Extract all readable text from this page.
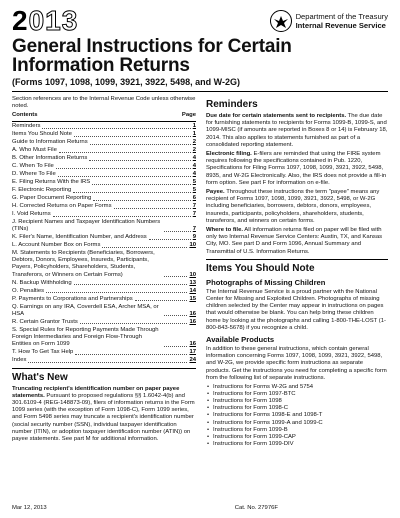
2013	Department of the Treasury
Internal Revenue Service
General Instructions for Certain Information Returns
(Forms 1097, 1098, 1099, 3921, 3922, 5498, and W-2G)

Section references are to the Internal Revenue Code unless otherwise noted.

Contents	Page
Reminders	1
Items You Should Note	1
Guide to Information Returns	2
A. Who Must File	2
B. Other Information Returns	4
C. When To File	4
D. Where To File	4
E. Filing Returns With the IRS	5
F. Electronic Reporting	5
G. Paper Document Reporting	6
H. Corrected Returns on Paper Forms	7
I. Void Returns	7
J. Recipient Names and Taxpayer Identification Numbers (TINs)	7
K. Filer's Name, Identification Number, and Address	9
L. Account Number Box on Forms	10
M. Statements to Recipients (Beneficiaries, Borrowers, Debtors, Donors, Employees, Insureds, Participants, Payers, Policyholders, Shareholders, Students, Transferors, or Winners on Certain Forms)	10
N. Backup Withholding	13
O. Penalties	14
P. Payments to Corporations and Partnerships	15
Q. Earnings on any IRA, Coverdell ESA, Archer MSA, or HSA	16
R. Certain Grantor Trusts	16
S. Special Rules for Reporting Payments Made Through Foreign Intermediaries and Foreign Flow-Through Entities on Form 1099	16
T. How To Get Tax Help	17
Index	24
What's New

Truncating recipient's identification number on paper payee statements. Pursuant to proposed regulations §§ 1.6042-4(b) and 301.6109-4 (REG-148873-09), filers of information returns in the Form 1099 series (with the exception of Form 1098-C), Form 1099 series, and Form 5498 series may truncate a recipient's identification number (social security number (SSN), individual taxpayer identification number (ITIN), or adoption taxpayer identification number (ATIN)) on payee statements. See part M for additional information.

Reminders

Due date for certain statements sent to recipients. The due date for furnishing statements to recipients for Forms 1099-B, 1099-S, and 1099-MISC (if amounts are reported in Boxes 8 or 14) is February 18, 2014. This also applies to statements furnished as part of a consolidated reporting statement.

Electronic filing. E-filers are reminded that using the FIRE system requires following the specifications contained in Pub. 1220, Specifications for Filing Forms 1097, 1098, 1099, 3921, 3922, 5498, 8935, and W-2G Electronically. Also, the IRS does not provide a fill-in form option. See part F for information on e-file.

Payee. Throughout these instructions the term "payee" means any recipient of Forms 1097, 1098, 1099, 3921, 3922, 5498, or W-2G including beneficiaries, borrowers, debtors, donors, employees, insureds, participants, policyholders, shareholders, students, transferors, and winners on certain forms.

Where to file. All information returns filed on paper will be filed with only two Internal Revenue Service Centers: Austin, TX, and Kansas City, MO. See part D and Form 1096, Annual Summary and Transmittal of U.S. Information Returns.

Items You Should Note
Photographs of Missing Children

The Internal Revenue Service is a proud partner with the National Center for Missing and Exploited Children. Photographs of missing children selected by the Center may appear in instructions on pages that would otherwise be blank. You can help bring these children home by looking at the photographs and calling 1-800-THE-LOST (1-800-843-5678) if you recognize a child.

Available Products

In addition to these general instructions, which contain general information concerning Forms 1097, 1098, 1099, 3921, 3922, 5498, and W-2G, we provide specific form instructions as separate products. Get the instructions you need for completing a specific form from the following list of separate instructions.

• Instructions for Forms W-2G and 5754
• Instructions for Form 1097-BTC
• Instructions for Form 1098
• Instructions for Form 1098-C
• Instructions for Forms 1098-E and 1098-T
• Instructions for Forms 1099-A and 1099-C
• Instructions for Form 1099-B
• Instructions for Form 1099-CAP
• Instructions for Form 1099-DIV
Mar 12, 2013	Cat. No. 27976F
